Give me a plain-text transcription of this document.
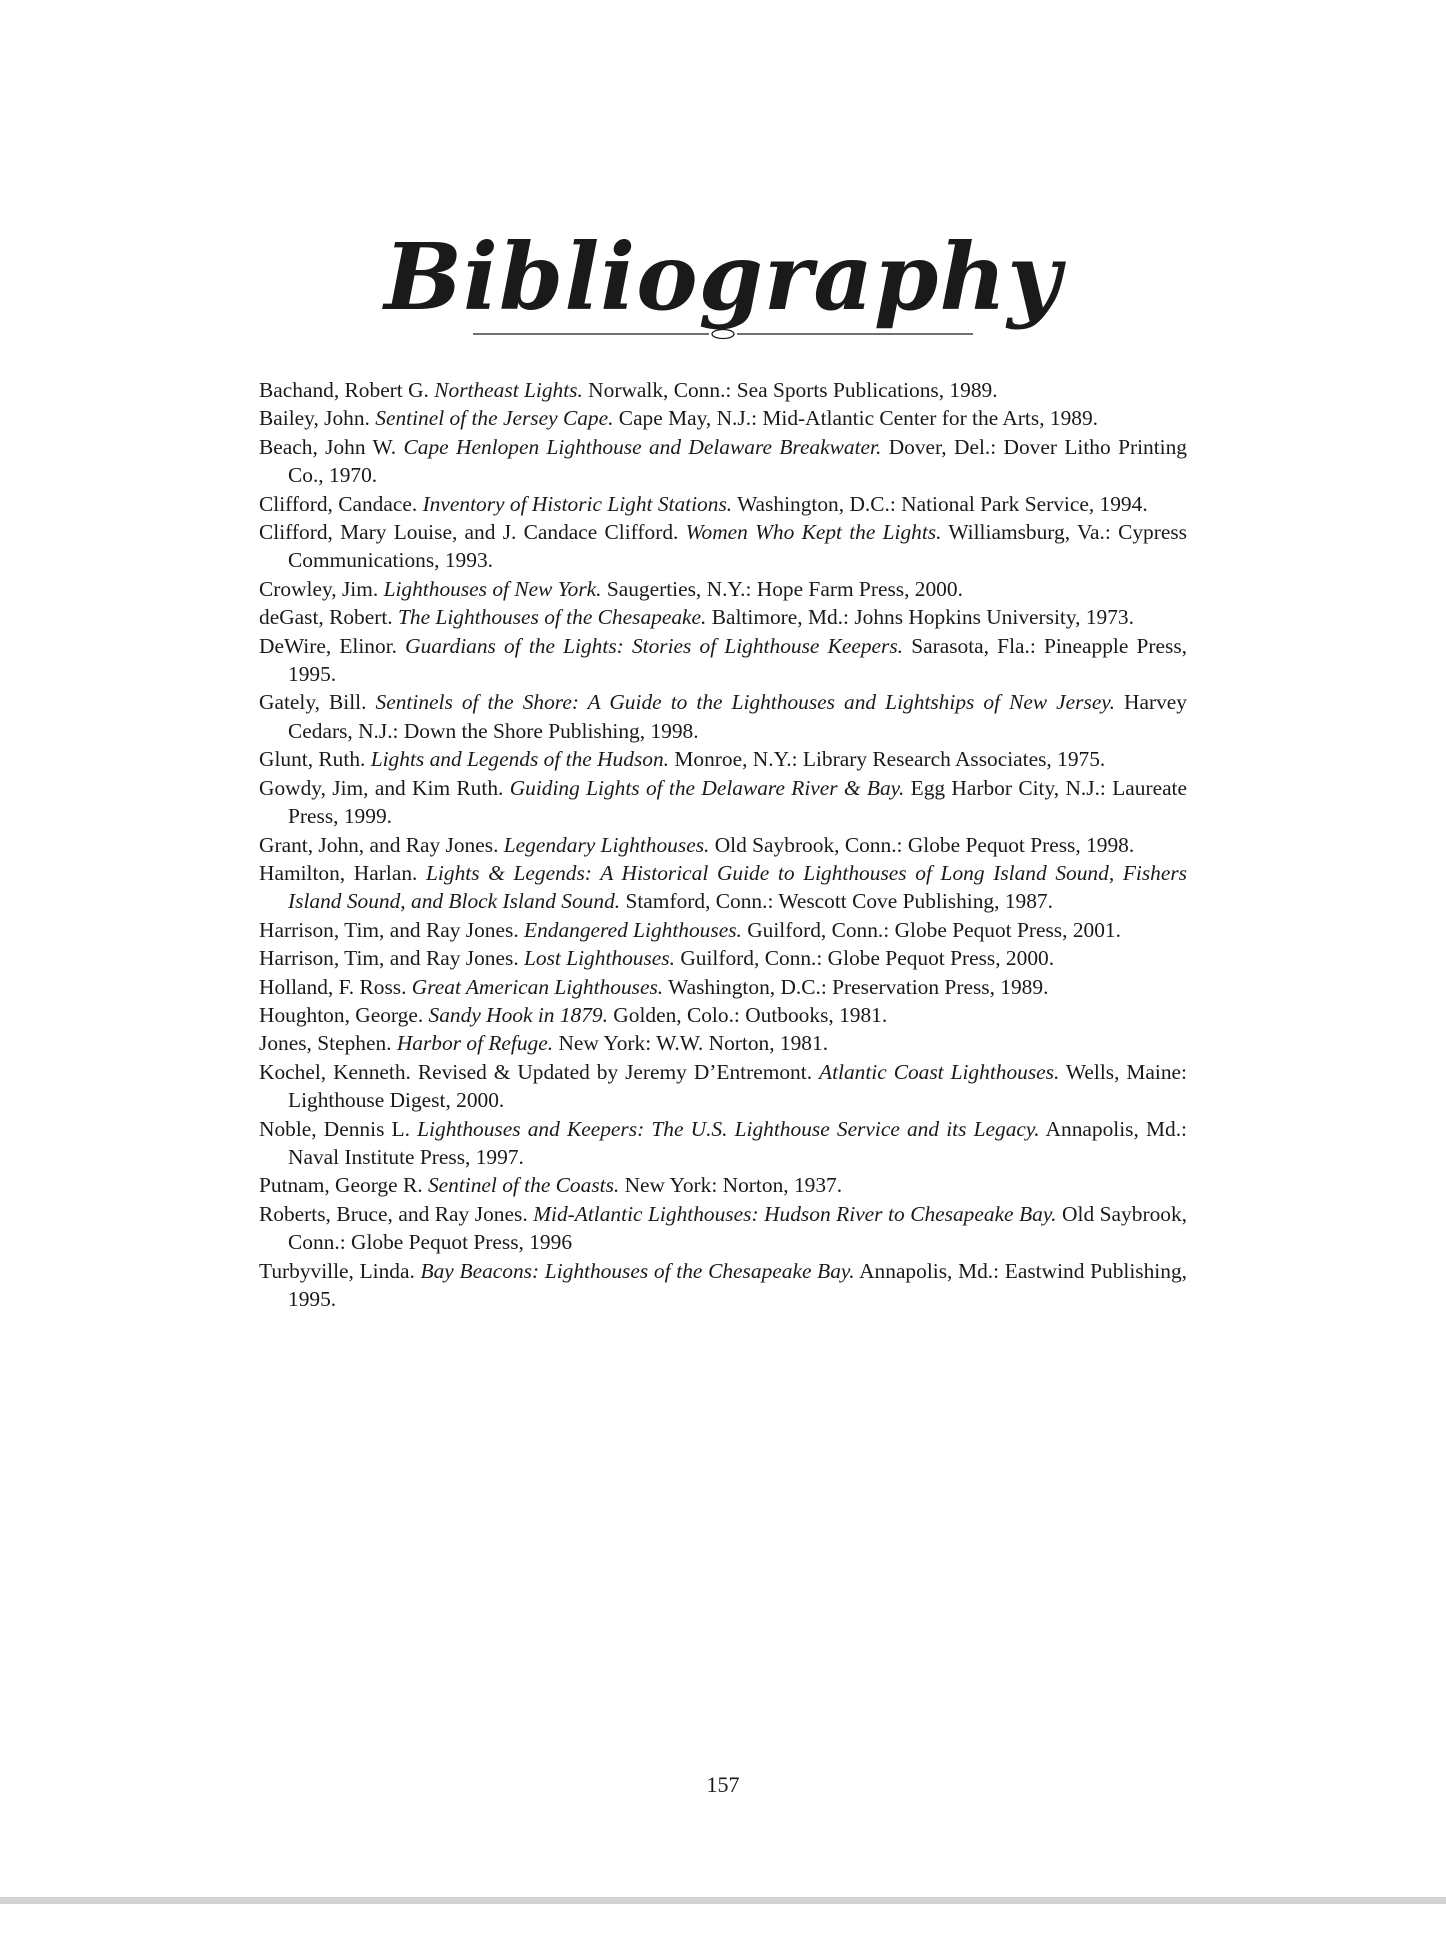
Bibliography
Bachand, Robert G. Northeast Lights. Norwalk, Conn.: Sea Sports Publications, 1989.
Bailey, John. Sentinel of the Jersey Cape. Cape May, N.J.: Mid-Atlantic Center for the Arts, 1989.
Beach, John W. Cape Henlopen Lighthouse and Delaware Breakwater. Dover, Del.: Dover Litho Printing Co., 1970.
Clifford, Candace. Inventory of Historic Light Stations. Washington, D.C.: National Park Service, 1994.
Clifford, Mary Louise, and J. Candace Clifford. Women Who Kept the Lights. Williamsburg, Va.: Cypress Communications, 1993.
Crowley, Jim. Lighthouses of New York. Saugerties, N.Y.: Hope Farm Press, 2000.
deGast, Robert. The Lighthouses of the Chesapeake. Baltimore, Md.: Johns Hopkins University, 1973.
DeWire, Elinor. Guardians of the Lights: Stories of Lighthouse Keepers. Sarasota, Fla.: Pineapple Press, 1995.
Gately, Bill. Sentinels of the Shore: A Guide to the Lighthouses and Lightships of New Jersey. Harvey Cedars, N.J.: Down the Shore Publishing, 1998.
Glunt, Ruth. Lights and Legends of the Hudson. Monroe, N.Y.: Library Research Associates, 1975.
Gowdy, Jim, and Kim Ruth. Guiding Lights of the Delaware River & Bay. Egg Harbor City, N.J.: Laureate Press, 1999.
Grant, John, and Ray Jones. Legendary Lighthouses. Old Saybrook, Conn.: Globe Pequot Press, 1998.
Hamilton, Harlan. Lights & Legends: A Historical Guide to Lighthouses of Long Island Sound, Fishers Island Sound, and Block Island Sound. Stamford, Conn.: Wescott Cove Publishing, 1987.
Harrison, Tim, and Ray Jones. Endangered Lighthouses. Guilford, Conn.: Globe Pequot Press, 2001.
Harrison, Tim, and Ray Jones. Lost Lighthouses. Guilford, Conn.: Globe Pequot Press, 2000.
Holland, F. Ross. Great American Lighthouses. Washington, D.C.: Preservation Press, 1989.
Houghton, George. Sandy Hook in 1879. Golden, Colo.: Outbooks, 1981.
Jones, Stephen. Harbor of Refuge. New York: W.W. Norton, 1981.
Kochel, Kenneth. Revised & Updated by Jeremy D’Entremont. Atlantic Coast Lighthouses. Wells, Maine: Lighthouse Digest, 2000.
Noble, Dennis L. Lighthouses and Keepers: The U.S. Lighthouse Service and its Legacy. Annapolis, Md.: Naval Institute Press, 1997.
Putnam, George R. Sentinel of the Coasts. New York: Norton, 1937.
Roberts, Bruce, and Ray Jones. Mid-Atlantic Lighthouses: Hudson River to Chesapeake Bay. Old Saybrook, Conn.: Globe Pequot Press, 1996
Turbyville, Linda. Bay Beacons: Lighthouses of the Chesapeake Bay. Annapolis, Md.: Eastwind Publishing, 1995.
157
